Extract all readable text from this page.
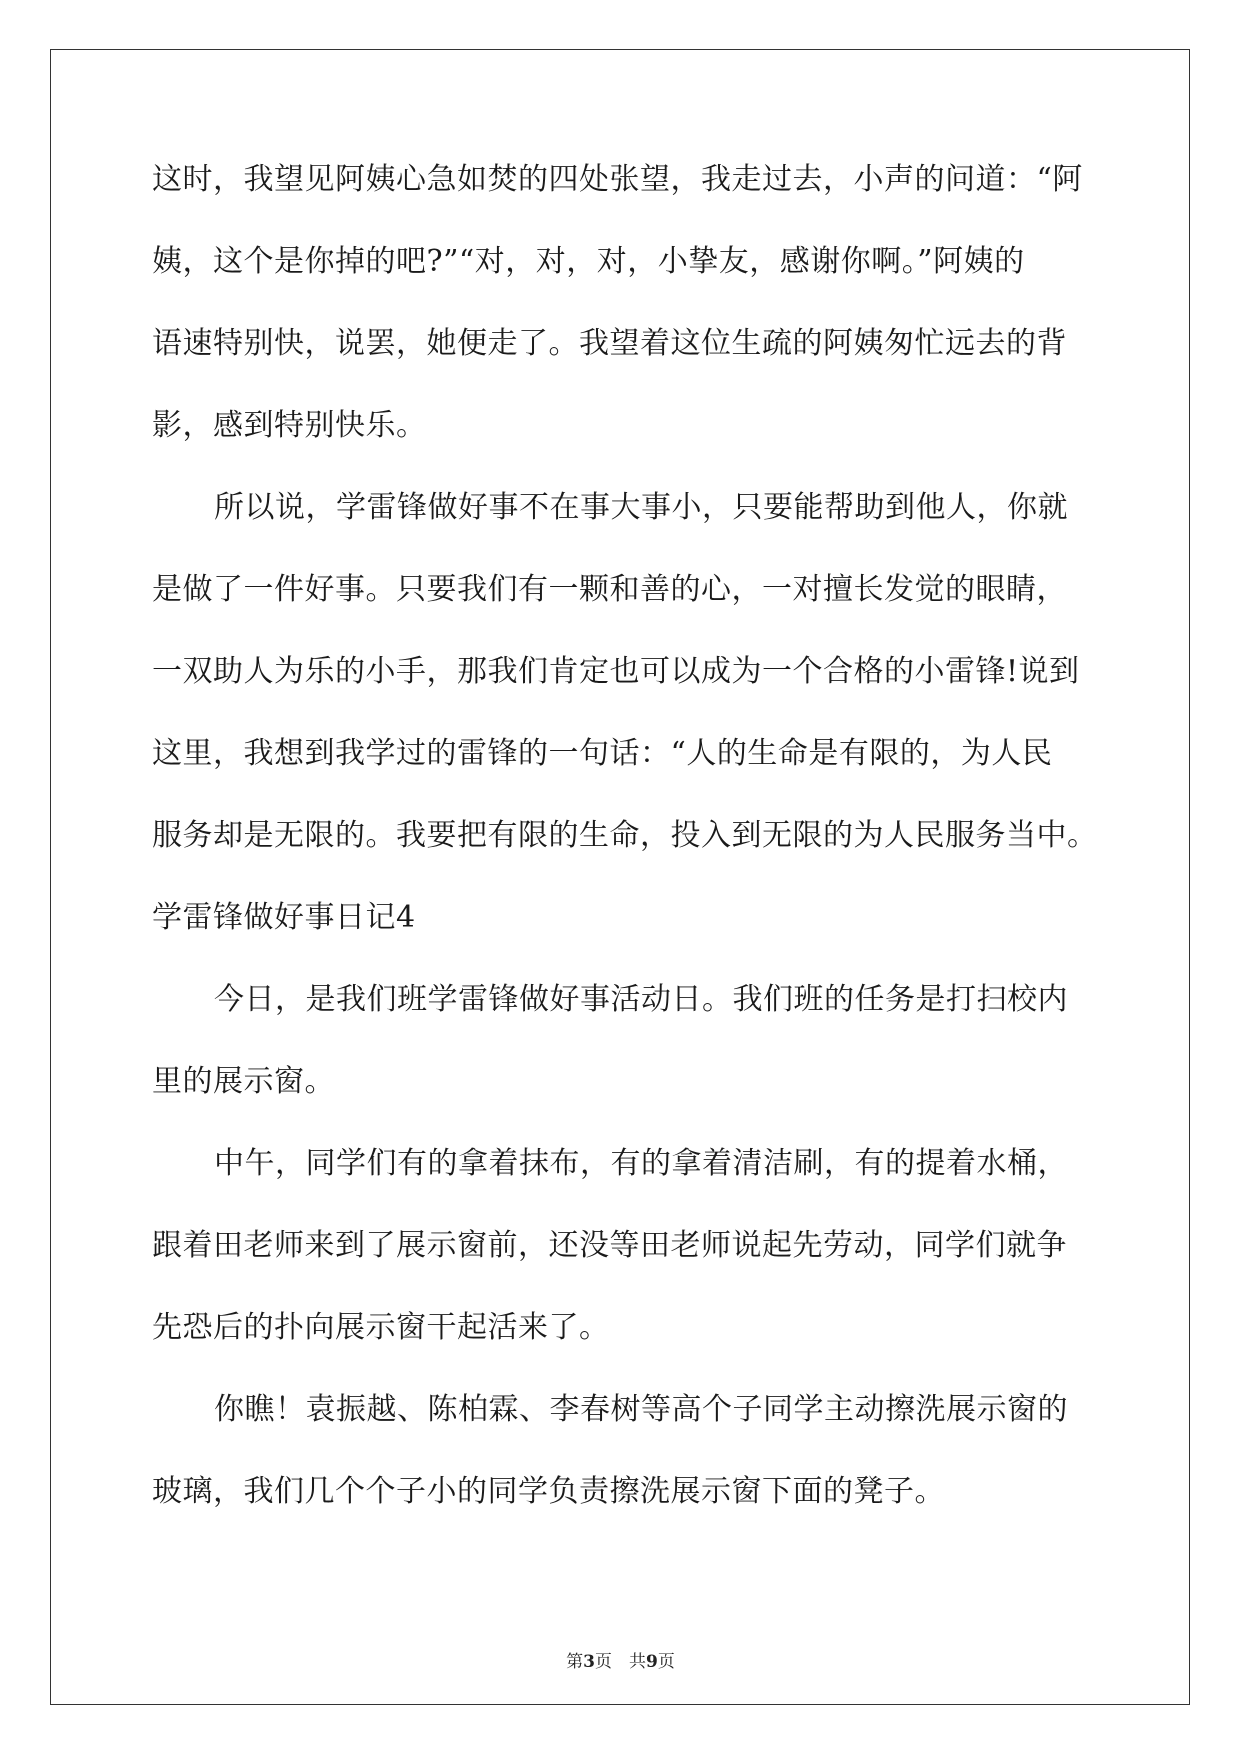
这时，我望见阿姨心急如焚的四处张望，我走过去，小声的问道：“阿
姨，这个是你掉的吧?”“对，对，对，小挚友，感谢你啊。”阿姨的
语速特别快，说罢，她便走了。我望着这位生疏的阿姨匆忙远去的背
影，感到特别快乐。
所以说，学雷锋做好事不在事大事小，只要能帮助到他人，你就
是做了一件好事。只要我们有一颗和善的心，一对擅长发觉的眼睛，
一双助人为乐的小手，那我们肯定也可以成为一个合格的小雷锋!说到
这里，我想到我学过的雷锋的一句话：“人的生命是有限的，为人民
服务却是无限的。我要把有限的生命，投入到无限的为人民服务当中。
学雷锋做好事日记4
今日，是我们班学雷锋做好事活动日。我们班的任务是打扫校内
里的展示窗。
中午，同学们有的拿着抹布，有的拿着清洁刷，有的提着水桶，
跟着田老师来到了展示窗前，还没等田老师说起先劳动，同学们就争
先恐后的扑向展示窗干起活来了。
你瞧！袁振越、陈柏霖、李春树等高个子同学主动擦洗展示窗的
玻璃，我们几个个子小的同学负责擦洗展示窗下面的凳子。
第3页　共9页
